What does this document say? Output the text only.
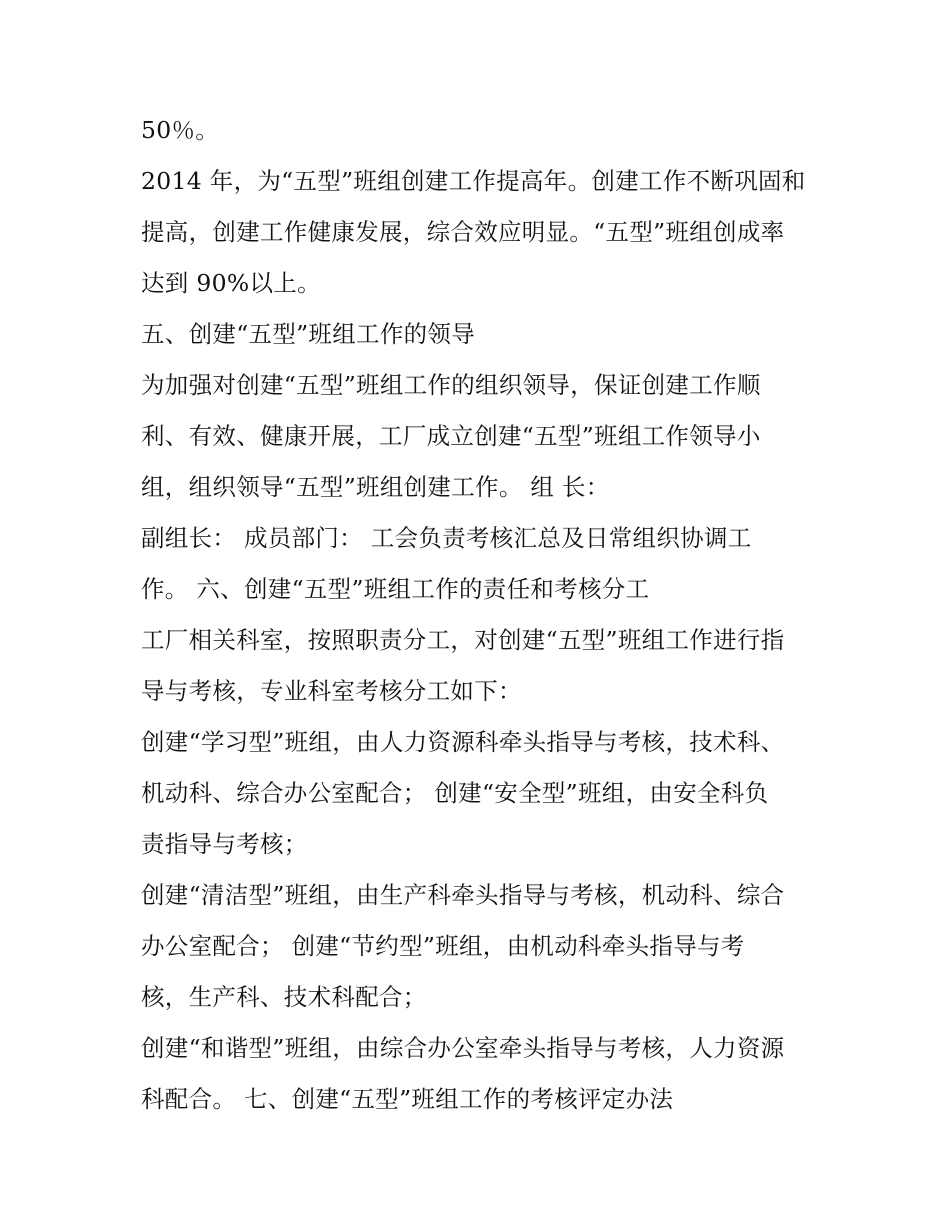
50％。
2014 年，为“五型”班组创建工作提高年。创建工作不断巩固和
提高，创建工作健康发展，综合效应明显。“五型”班组创成率
达到 90%以上。
五、创建“五型”班组工作的领导
为加强对创建“五型”班组工作的组织领导，保证创建工作顺
利、有效、健康开展，工厂成立创建“五型”班组工作领导小
组，组织领导“五型”班组创建工作。 组 长：
副组长： 成员部门： 工会负责考核汇总及日常组织协调工
作。 六、创建“五型”班组工作的责任和考核分工
工厂相关科室，按照职责分工，对创建“五型”班组工作进行指
导与考核，专业科室考核分工如下：
创建“学习型”班组，由人力资源科牵头指导与考核，技术科、
机动科、综合办公室配合； 创建“安全型”班组，由安全科负
责指导与考核；
创建“清洁型”班组，由生产科牵头指导与考核，机动科、综合
办公室配合； 创建“节约型”班组，由机动科牵头指导与考
核，生产科、技术科配合；
创建“和谐型”班组，由综合办公室牵头指导与考核，人力资源
科配合。 七、创建“五型”班组工作的考核评定办法
